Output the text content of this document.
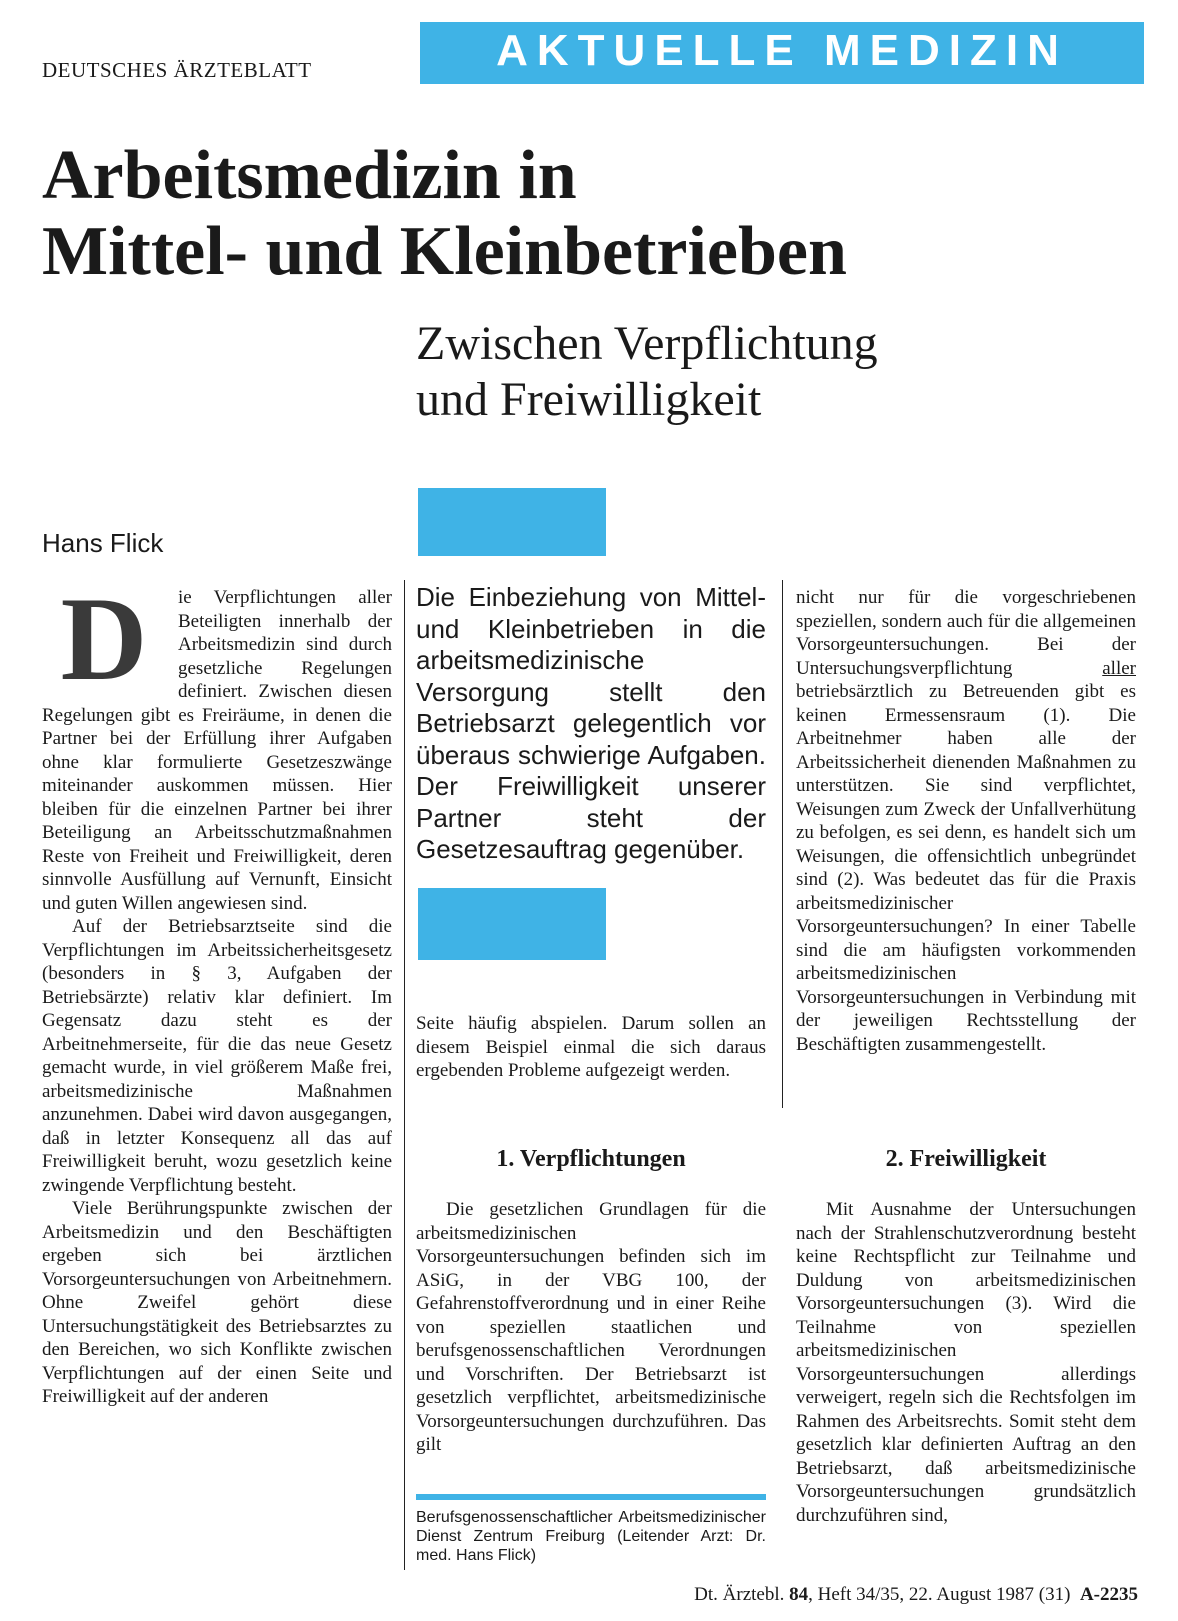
DEUTSCHES ÄRZTEBLATT	AKTUELLE MEDIZIN
Arbeitsmedizin in
Mittel- und Kleinbetrieben
Zwischen Verpflichtung
und Freiwilligkeit
Hans Flick
D	ie Verpflichtungen aller Beteiligten innerhalb der Arbeitsmedizin sind durch gesetzliche Regelungen definiert. Zwischen diesen Regelungen gibt es Freiräume, in denen die Partner bei der Erfüllung ihrer Aufgaben ohne klar formulierte Gesetzeszwänge miteinander auskommen müssen. Hier bleiben für die einzelnen Partner bei ihrer Beteiligung an Arbeitsschutzmaßnahmen Reste von Freiheit und Freiwilligkeit, deren sinnvolle Ausfüllung auf Vernunft, Einsicht und guten Willen angewiesen sind.

Auf der Betriebsarztseite sind die Verpflichtungen im Arbeitssicherheitsgesetz (besonders in § 3, Aufgaben der Betriebsärzte) relativ klar definiert. Im Gegensatz dazu steht es der Arbeitnehmerseite, für die das neue Gesetz gemacht wurde, in viel größerem Maße frei, arbeitsmedizinische Maßnahmen anzunehmen. Dabei wird davon ausgegangen, daß in letzter Konsequenz all das auf Freiwilligkeit beruht, wozu gesetzlich keine zwingende Verpflichtung besteht.

Viele Berührungspunkte zwischen der Arbeitsmedizin und den Beschäftigten ergeben sich bei ärztlichen Vorsorgeuntersuchungen von Arbeitnehmern. Ohne Zweifel gehört diese Untersuchungstätigkeit des Betriebsarztes zu den Bereichen, wo sich Konflikte zwischen Verpflichtungen auf der einen Seite und Freiwilligkeit auf der anderen

Die Einbeziehung von Mittel- und Kleinbetrieben in die arbeitsmedizinische Versorgung stellt den Betriebsarzt gelegentlich vor überaus schwierige Aufgaben. Der Freiwilligkeit unserer Partner steht der Gesetzesauftrag gegenüber.

Seite häufig abspielen. Darum sollen an diesem Beispiel einmal die sich daraus ergebenden Probleme aufgezeigt werden.

1. Verpflichtungen

Die gesetzlichen Grundlagen für die arbeitsmedizinischen Vorsorgeuntersuchungen befinden sich im ASiG, in der VBG 100, der Gefahrenstoffverordnung und in einer Reihe von speziellen staatlichen und berufsgenossenschaftlichen Verordnungen und Vorschriften. Der Betriebsarzt ist gesetzlich verpflichtet, arbeitsmedizinische Vorsorgeuntersuchungen durchzuführen. Das gilt

Berufsgenossenschaftlicher Arbeitsmedizinischer Dienst Zentrum Freiburg (Leitender Arzt: Dr. med. Hans Flick)

nicht nur für die vorgeschriebenen speziellen, sondern auch für die allgemeinen Vorsorgeuntersuchungen. Bei der Untersuchungsverpflichtung aller betriebsärztlich zu Betreuenden gibt es keinen Ermessensraum (1). Die Arbeitnehmer haben alle der Arbeitssicherheit dienenden Maßnahmen zu unterstützen. Sie sind verpflichtet, Weisungen zum Zweck der Unfallverhütung zu befolgen, es sei denn, es handelt sich um Weisungen, die offensichtlich unbegründet sind (2). Was bedeutet das für die Praxis arbeitsmedizinischer Vorsorgeuntersuchungen? In einer Tabelle sind die am häufigsten vorkommenden arbeitsmedizinischen Vorsorgeuntersuchungen in Verbindung mit der jeweiligen Rechtsstellung der Beschäftigten zusammengestellt.

2. Freiwilligkeit

Mit Ausnahme der Untersuchungen nach der Strahlenschutzverordnung besteht keine Rechtspflicht zur Teilnahme und Duldung von arbeitsmedizinischen Vorsorgeuntersuchungen (3). Wird die Teilnahme von speziellen arbeitsmedizinischen Vorsorgeuntersuchungen allerdings verweigert, regeln sich die Rechtsfolgen im Rahmen des Arbeitsrechts. Somit steht dem gesetzlich klar definierten Auftrag an den Betriebsarzt, daß arbeitsmedizinische Vorsorgeuntersuchungen grundsätzlich durchzuführen sind,

Dt. Ärztebl. 84, Heft 34/35, 22. August 1987 (31) A-2235
